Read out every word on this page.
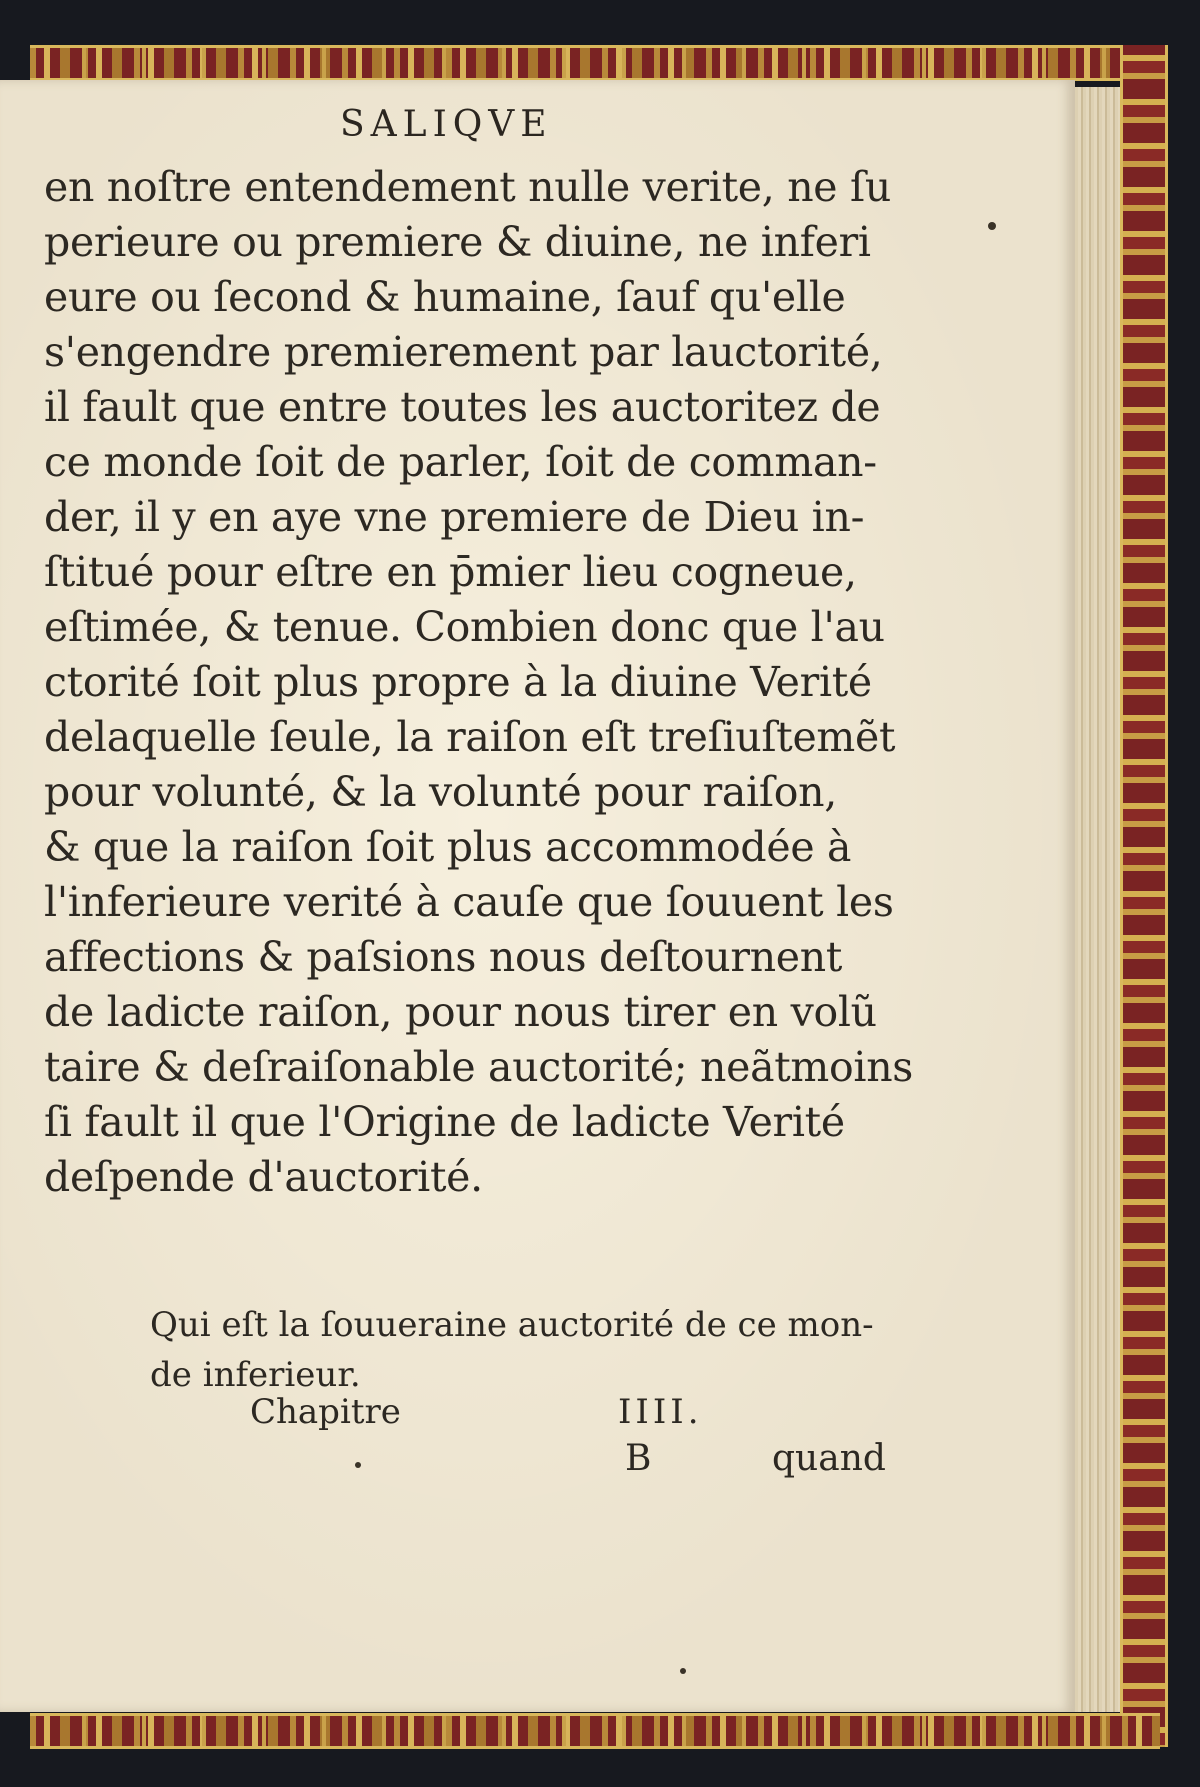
SALIQVE
en noſtre entendement nulle verite, ne ſu
perieure ou premiere & diuine, ne inferi
eure ou ſecond & humaine, ſauf qu'elle
s'engendre premierement par lauctorité,
il fault que entre toutes les auctoritez de
ce monde ſoit de parler, ſoit de comman-
der, il y en aye vne premiere de Dieu in-
ſtitué pour eſtre en p̄mier lieu cogneue,
eſtimée, & tenue. Combien donc que l'au
ctorité ſoit plus propre à la diuine Verité
delaquelle ſeule, la raiſon eſt treſiuſtemẽt
pour volunté, & la volunté pour raiſon,
& que la raiſon ſoit plus accommodée à
l'inferieure verité à cauſe que ſouuent les
affections & paſsions nous deſtournent
de ladicte raiſon, pour nous tirer en volũ
taire & deſraiſonable auctorité; neãtmoins
ſi fault il que l'Origine de ladicte Verité
deſpende d'auctorité.
Qui eſt la ſouueraine auctorité de ce mon-
de inferieur.
Chapitre	IIII.
B	quand
